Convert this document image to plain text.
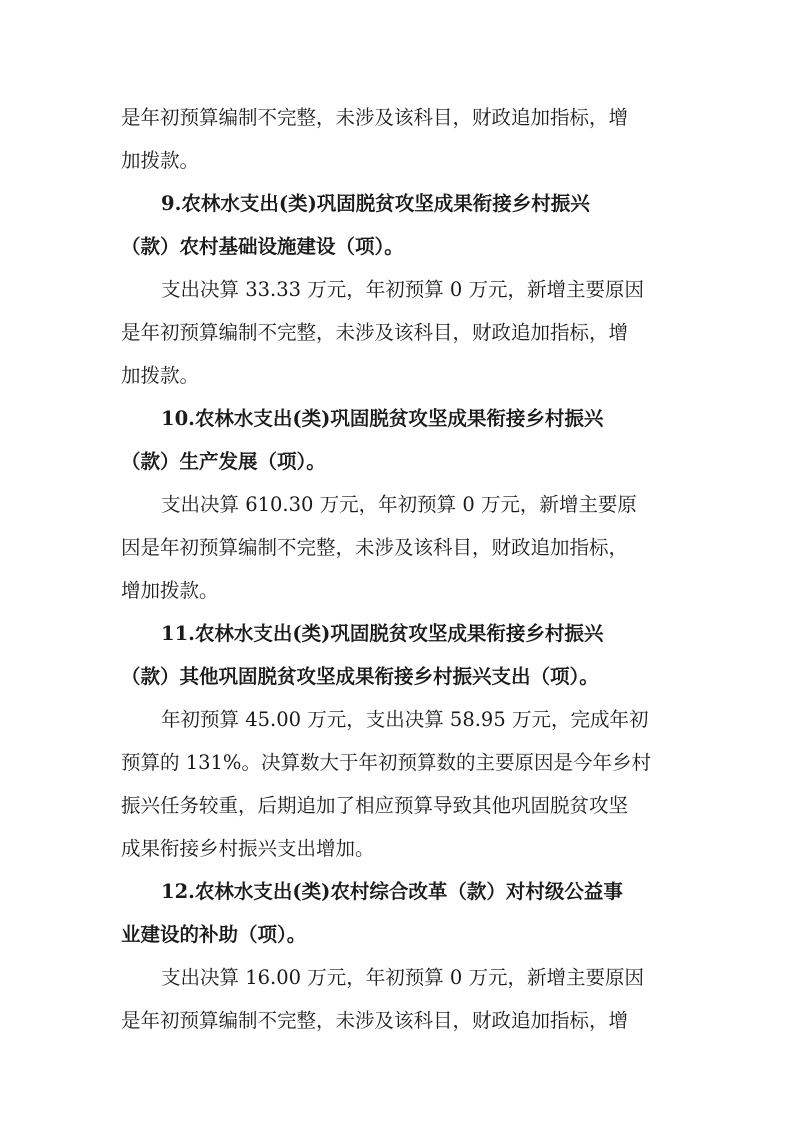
是年初预算编制不完整，未涉及该科目，财政追加指标，增
加拨款。
9.农林水支出(类)巩固脱贫攻坚成果衔接乡村振兴
（款）农村基础设施建设（项）。
支出决算 33.33 万元，年初预算 0 万元，新增主要原因
是年初预算编制不完整，未涉及该科目，财政追加指标，增
加拨款。
10.农林水支出(类)巩固脱贫攻坚成果衔接乡村振兴
（款）生产发展（项）。
支出决算 610.30 万元，年初预算 0 万元，新增主要原
因是年初预算编制不完整，未涉及该科目，财政追加指标，
增加拨款。
11.农林水支出(类)巩固脱贫攻坚成果衔接乡村振兴
（款）其他巩固脱贫攻坚成果衔接乡村振兴支出（项）。
年初预算 45.00 万元，支出决算 58.95 万元，完成年初
预算的 131%。决算数大于年初预算数的主要原因是今年乡村
振兴任务较重，后期追加了相应预算导致其他巩固脱贫攻坚
成果衔接乡村振兴支出增加。
12.农林水支出(类)农村综合改革（款）对村级公益事
业建设的补助（项）。
支出决算 16.00 万元，年初预算 0 万元，新增主要原因
是年初预算编制不完整，未涉及该科目，财政追加指标，增
